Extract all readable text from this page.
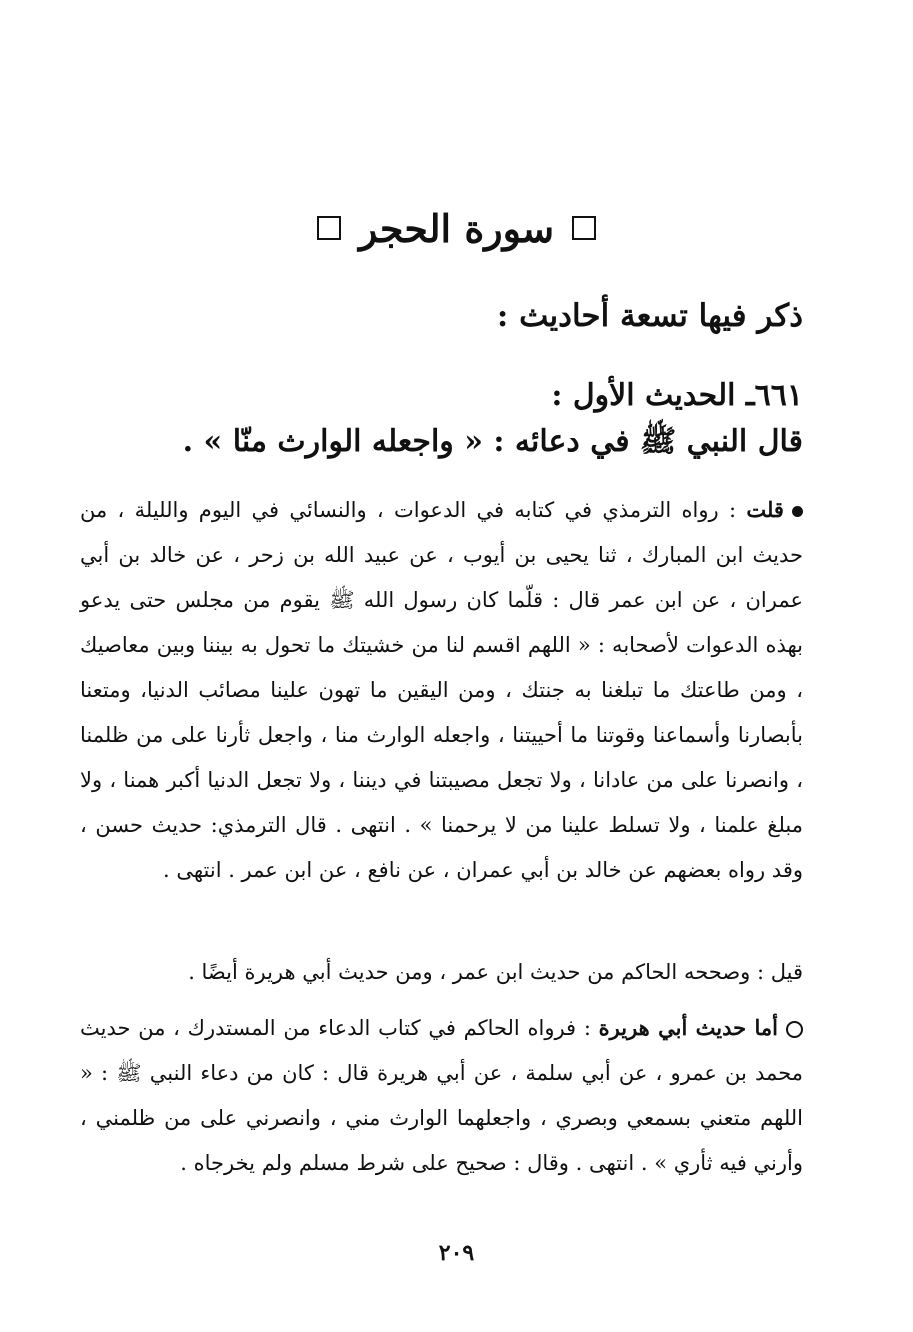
سورة الحجر
ذكر فيها تسعة أحاديث :
٦٦١ـ الحديث الأول :
قال النبي ﷺ في دعائه : « واجعله الوارث منّا » .
قلت : رواه الترمذي في كتابه في الدعوات ، والنسائي في اليوم والليلة ، من حديث ابن المبارك ، ثنا يحيى بن أيوب ، عن عبيد الله بن زحر ، عن خالد بن أبي عمران ، عن ابن عمر قال : قلّما كان رسول الله ﷺ يقوم من مجلس حتى يدعو بهذه الدعوات لأصحابه : « اللهم اقسم لنا من خشيتك ما تحول به بيننا وبين معاصيك ، ومن طاعتك ما تبلغنا به جنتك ، ومن اليقين ما تهون علينا مصائب الدنيا، ومتعنا بأبصارنا وأسماعنا وقوتنا ما أحييتنا ، واجعله الوارث منا ، واجعل ثأرنا على من ظلمنا ، وانصرنا على من عادانا ، ولا تجعل مصيبتنا في ديننا ، ولا تجعل الدنيا أكبر همنا ، ولا مبلغ علمنا ، ولا تسلط علينا من لا يرحمنا » . انتهى . قال الترمذي: حديث حسن ، وقد رواه بعضهم عن خالد بن أبي عمران ، عن نافع ، عن ابن عمر . انتهى .
قيل : وصححه الحاكم من حديث ابن عمر ، ومن حديث أبي هريرة أيضًا .
أما حديث أبي هريرة : فرواه الحاكم في كتاب الدعاء من المستدرك ، من حديث محمد بن عمرو ، عن أبي سلمة ، عن أبي هريرة قال : كان من دعاء النبي ﷺ : « اللهم متعني بسمعي وبصري ، واجعلهما الوارث مني ، وانصرني على من ظلمني ، وأرني فيه ثأري » . انتهى . وقال : صحيح على شرط مسلم ولم يخرجاه .
٢٠٩
